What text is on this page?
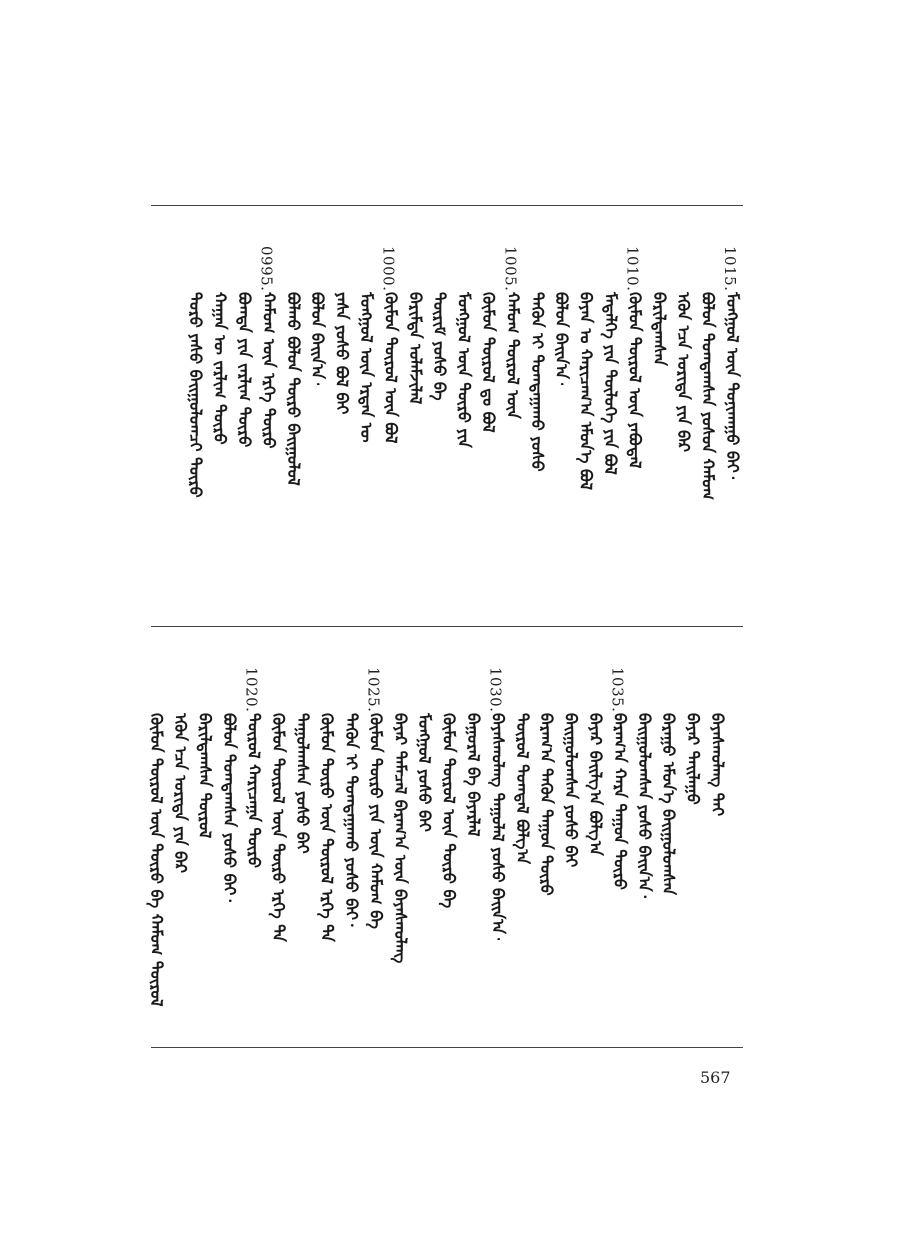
1015.
ᠮᠣᠩᠭᠣᠯ ᠦᠨ ᠲᠣᠨᠢᠬᠠᠭᠤ ᠪᠠᠢ᠂
ᠪᠣᠯᠤᠨ ᠲᠣᠭᠲᠠᠭᠰᠠᠨ ᠶᠣᠰᠤᠨ ᠬᠠᠮᠤᠭ
ᠡᠭᠦᠨ ᠡᠴᠡ ᠤᠷᠢᠳᠠ ᠶᠢᠨ ᠪᠠᠷ
ᠪᠠᠷᠢᠯᠳᠠᠭᠰᠠᠨ
1010.
ᠬᠦᠮᠦᠨ ᠲᠥᠷᠥᠯ ᠦᠨ ᠶᠠᠪᠤᠳᠠᠯ
ᠮᠡᠳᠡᠯᠭᠡ ᠶᠢᠨ ᠲᠥᠯᠦᠭᠡ ᠶᠢᠨ ᠪᠣᠯ
ᠪᠠᠶᠠᠨ ᠤ ᠬᠠᠷᠢᠴᠠᠭ᠎ᠠ ᠡᠮᠦᠨ᠎ᠡ ᠪᠣᠯ
ᠪᠣᠯᠤᠨ ᠪᠠᠢᠨ᠎ᠠ᠂
ᠲᠡᠭᠦᠨ ᠢ ᠲᠣᠭᠲᠠᠭᠠᠬᠤ ᠶᠣᠰᠣ
1005.
ᠬᠠᠮᠤᠭ ᠲᠥᠷᠥᠯ ᠦᠨ
ᠬᠦᠮᠦᠨ ᠲᠥᠷᠥᠯ ᠳᠤ ᠪᠣᠯ
ᠮᠣᠩᠭᠣᠯ ᠦᠨ ᠲᠥᠷᠥ ᠶᠢᠨ
ᠳᠦᠷᠢᠮ ᠶᠣᠰᠣ ᠪᠠ
ᠪᠠᠷᠢᠮᠲᠠ ᠤᠯᠠᠮᠵᠢᠯᠠᠯ
1000.
ᠬᠦᠮᠦᠨ ᠲᠥᠷᠥᠯ ᠦᠨ ᠪᠣᠯ
ᠮᠣᠩᠭᠣᠯ ᠦᠨ ᠡᠷᠲᠡᠨ ᠦ
ᠶᠠᠰᠠ ᠶᠣᠰᠣ ᠪᠣᠯ ᠪᠠᠢ
ᠪᠣᠯᠤᠨ ᠪᠠᠢᠨ᠎ᠠ᠂
ᠪᠣᠯᠬᠤ ᠪᠣᠯᠤᠨ ᠲᠦᠷᠦ ᠪᠠᠢᠭᠤᠯᠤᠯ
0995.
ᠬᠠᠮᠤᠭ ᠦᠨ ᠡᠷᠬᠡ ᠲᠥᠷᠥ
ᠪᠣᠭᠳᠠ ᠶᠢᠨ ᠵᠠᠷᠯᠢᠭ ᠲᠥᠷᠥ
ᠬᠠᠭᠠᠨ ᠦ ᠵᠠᠷᠯᠢᠭ ᠲᠥᠷᠥ
ᠲᠣᠷᠣ ᠶᠠᠰᠤ ᠪᠠᠢᠭᠤᠯᠤᠭᠴᠢ ᠲᠥᠷᠥ
ᠪᠠᠶᠠᠰᠬᠤᠯᠠᠩ ᠲᠠᠢ
ᠪᠠᠶᠠᠷ ᠲᠠᠢᠯᠠᠭᠤ
ᠪᠠᠷᠠᠭᠤ ᠡᠮᠦᠨ᠎ᠡ ᠪᠠᠢᠭᠤᠯᠤᠭᠰᠠᠨ
ᠪᠠᠢᠭᠤᠯᠤᠭᠰᠠᠨ ᠶᠣᠰᠣ ᠪᠠᠢᠨ᠎ᠠ᠂
1035.
ᠪᠠᠷᠠᠭ᠎ᠠ ᠬᠠᠷᠠ ᠳᠠᠭᠤᠨ ᠲᠥᠷᠥ
ᠪᠠᠶᠠᠷ ᠪᠠᠢᠯᠭ᠎ᠠ ᠪᠣᠯᠭ᠎ᠠ
ᠪᠠᠢᠭᠤᠯᠤᠭᠰᠠᠨ ᠶᠣᠰᠣ ᠪᠠᠢ
ᠪᠠᠷᠠᠭ᠎ᠠ ᠲᠡᠭᠦᠨ ᠳᠠᠭᠤᠨ ᠲᠥᠷᠥ
ᠲᠥᠷᠥᠯ ᠲᠣᠭᠲᠠᠯ ᠪᠣᠯᠭ᠎ᠠ
1030.
ᠪᠠᠶᠠᠰᠬᠤᠯᠠᠩ ᠲᠠᠭᠤᠯᠠᠯ ᠶᠣᠰᠣ ᠪᠠᠢᠨ᠎ᠠ᠂
ᠪᠠᠭᠤᠷᠠᠯ ᠪᠠ ᠪᠠᠶᠠᠷᠯᠠᠯ
ᠬᠦᠮᠦᠨ ᠲᠥᠷᠥᠯ ᠦᠨ ᠲᠥᠷᠥ ᠪᠠ
ᠮᠣᠩᠭᠣᠯ ᠶᠣᠰᠣ ᠪᠠᠢ
ᠪᠠᠶᠠᠷ ᠲᠡᠮᠡᠴᠡᠯ ᠪᠠᠷᠠᠭ᠎ᠠ ᠦᠨ ᠪᠠᠶᠠᠰᠬᠤᠯᠠᠩ
1025.
ᠬᠦᠮᠦᠨ ᠲᠥᠷᠥ ᠶᠢᠨ ᠦᠨ ᠬᠠᠮᠤᠭ ᠪᠠ
ᠲᠡᠭᠦᠨ ᠢ ᠲᠣᠭᠲᠠᠭᠠᠬᠤ ᠶᠣᠰᠣ ᠪᠠᠢ᠂
ᠬᠦᠮᠦᠨ ᠲᠥᠷᠥ ᠦᠨ ᠲᠥᠷᠥᠯ ᠡᠷᠬᠡ ᠲᠠ
ᠲᠠᠭᠤᠯᠠᠭᠰᠠᠨ ᠶᠣᠰᠣ ᠪᠠᠢ
ᠬᠦᠮᠦᠨ ᠲᠥᠷᠥᠯ ᠦᠨ ᠲᠥᠷᠥ ᠡᠷᠬᠡ ᠲᠠ
1020.
ᠲᠥᠷᠥᠯ ᠬᠠᠷᠢᠴᠠᠭᠠ ᠲᠥᠷᠥ
ᠪᠣᠯᠤᠨ ᠲᠣᠭᠲᠠᠭᠰᠠᠨ ᠶᠣᠰᠣ ᠪᠠᠢ᠂
ᠪᠠᠷᠢᠯᠳᠠᠭᠰᠠᠨ ᠲᠥᠷᠥᠯ
ᠡᠭᠦᠨ ᠡᠴᠡ ᠤᠷᠢᠳᠠ ᠶᠢᠨ ᠪᠠᠷ
ᠬᠦᠮᠦᠨ ᠲᠥᠷᠥᠯ ᠦᠨ ᠲᠥᠷᠥ ᠪᠠ ᠬᠠᠮᠤᠭ ᠲᠥᠷᠥᠯ
567
